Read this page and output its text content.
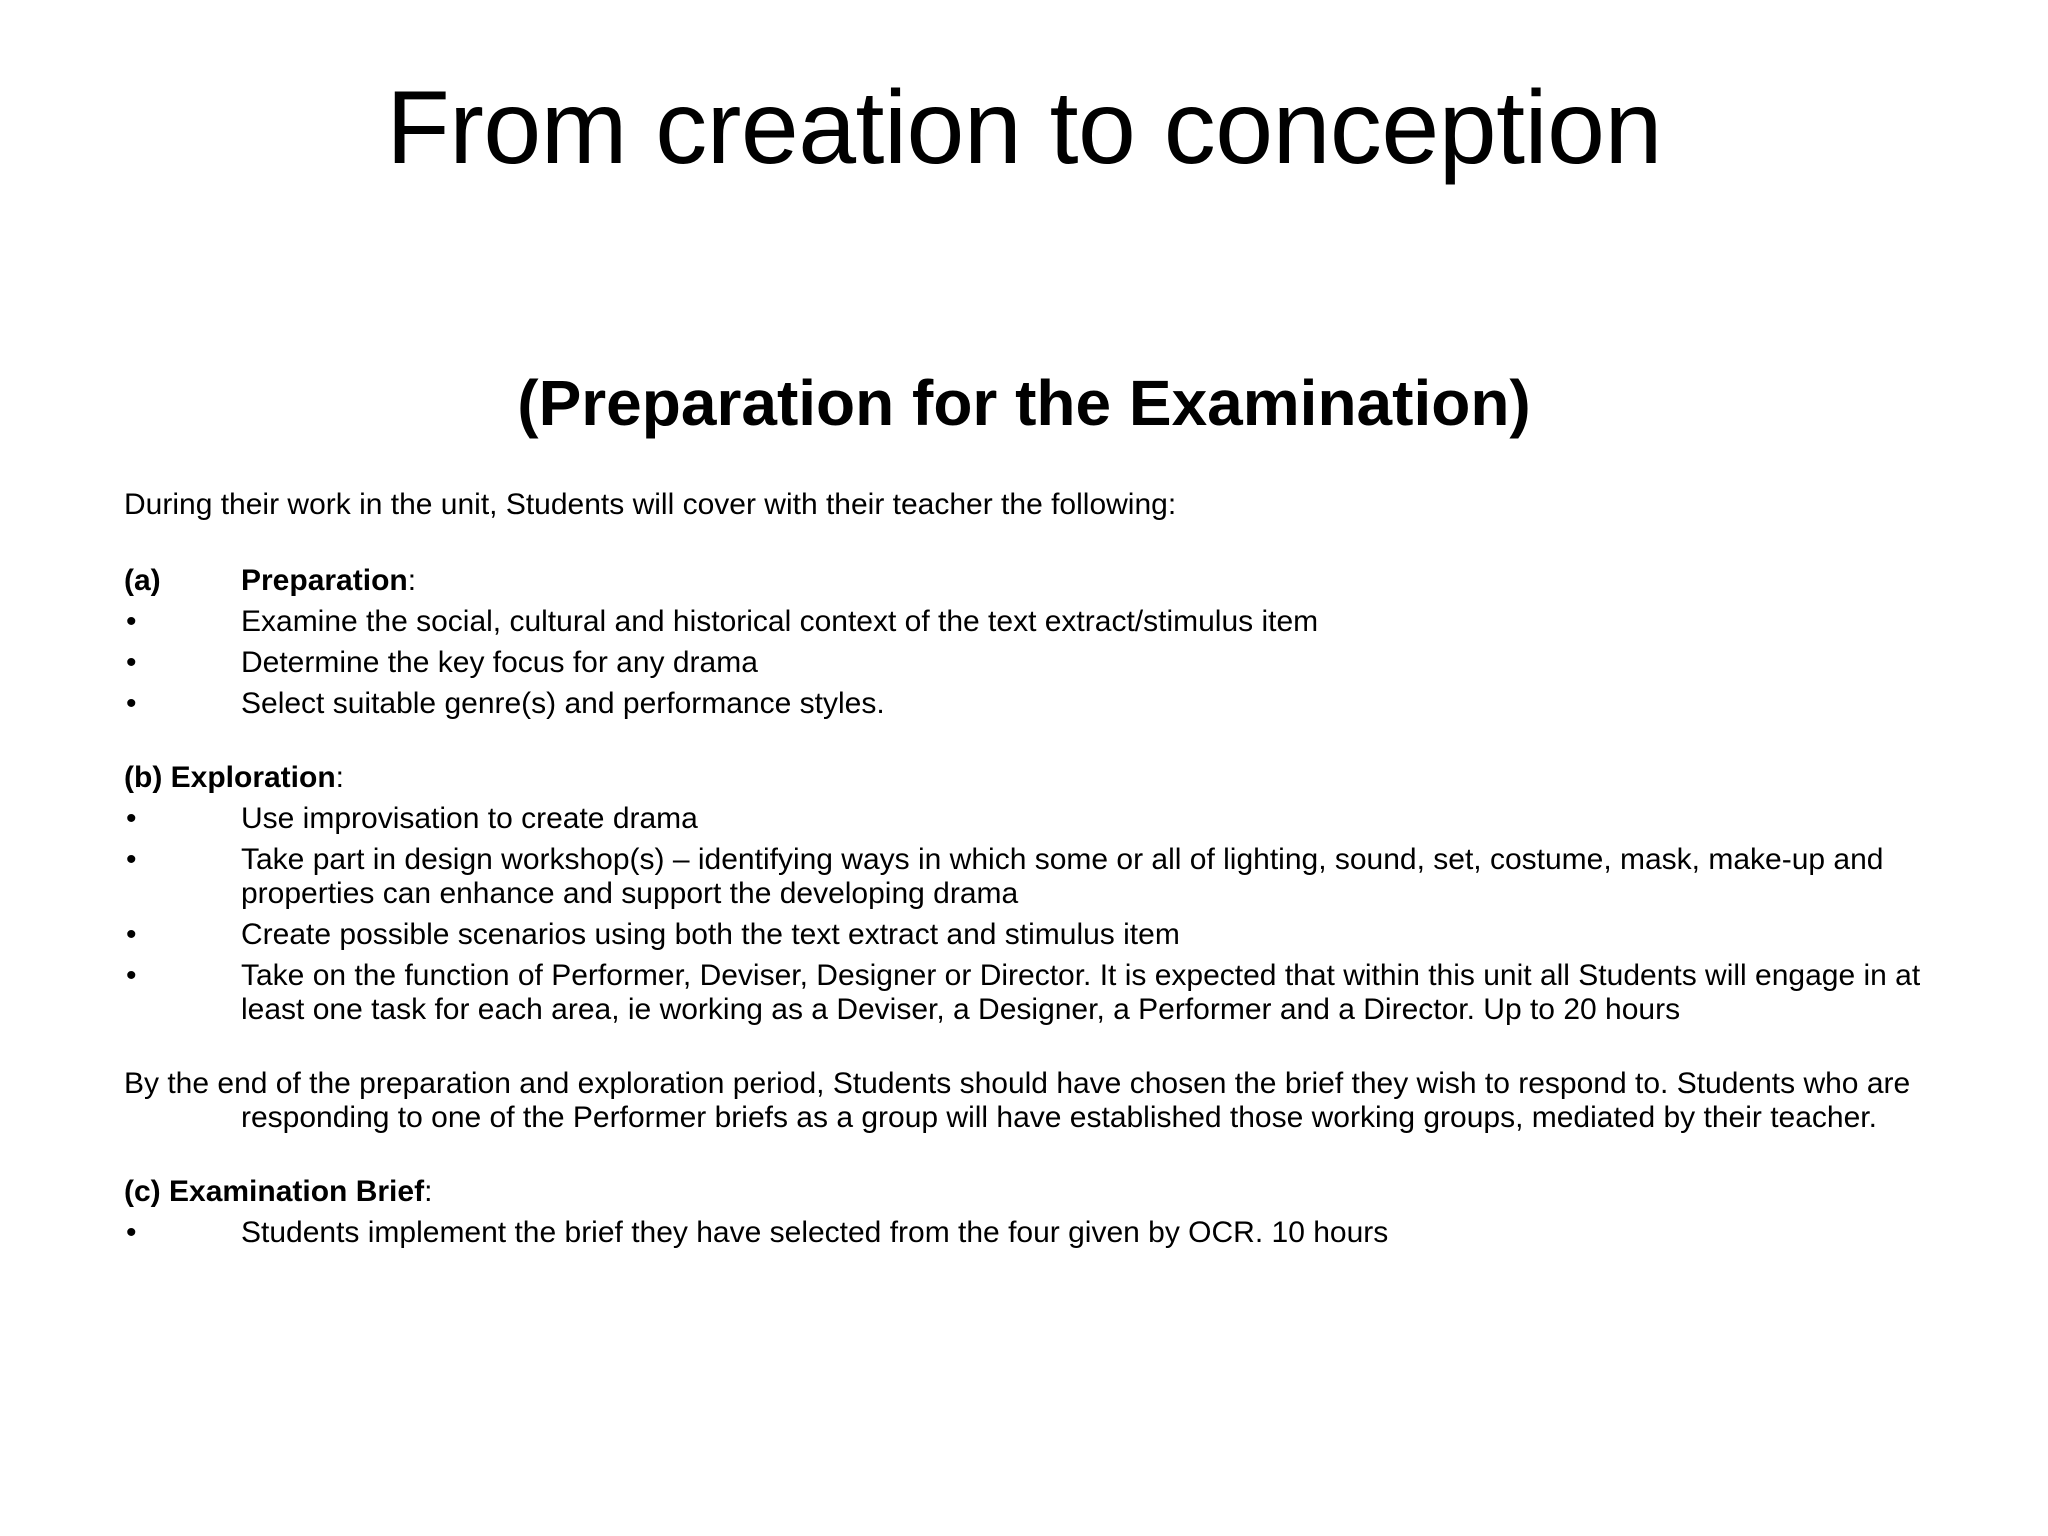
From creation to conception
(Preparation for the Examination)

During their work in the unit, Students will cover with their teacher the following:

(a)	Preparation:
•	Examine the social, cultural and historical context of the text extract/stimulus item
•	Determine the key focus for any drama
•	Select suitable genre(s) and performance styles.
(b) Exploration:
•	Use improvisation to create drama
•	Take part in design workshop(s) – identifying ways in which some or all of lighting, sound, set, costume, mask, make-up and properties can enhance and support the developing drama
•	Create possible scenarios using both the text extract and stimulus item
•	Take on the function of Performer, Deviser, Designer or Director. It is expected that within this unit all Students will engage in at least one task for each area, ie working as a Deviser, a Designer, a Performer and a Director. Up to 20 hours

By the end of the preparation and exploration period, Students should have chosen the brief they wish to respond to. Students who are responding to one of the Performer briefs as a group will have established those working groups, mediated by their teacher.

(c) Examination Brief:
•	Students implement the brief they have selected from the four given by OCR. 10 hours
